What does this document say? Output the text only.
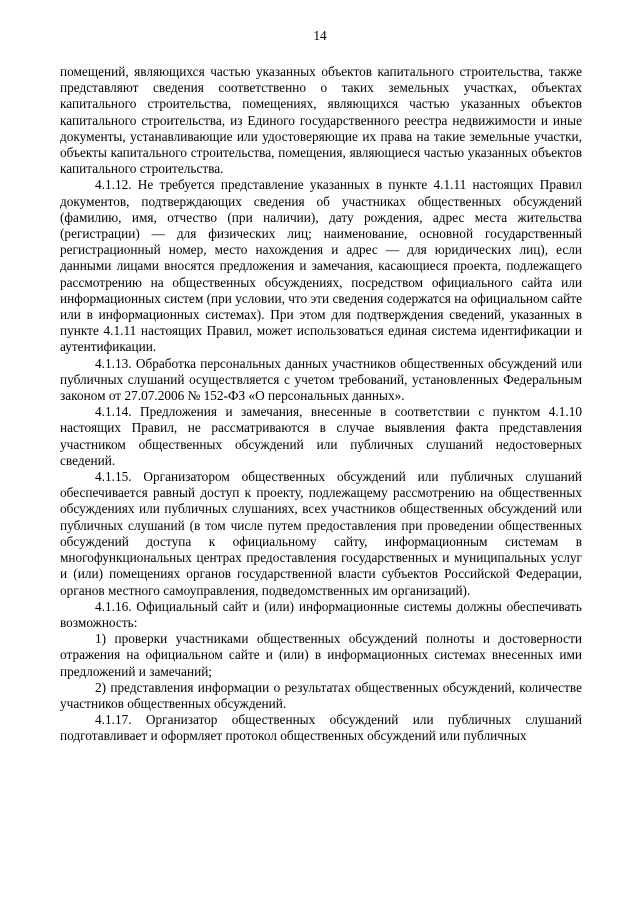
14

помещений, являющихся частью указанных объектов капитального строительства, также представляют сведения соответственно о таких земельных участках, объектах капитального строительства, помещениях, являющихся частью указанных объектов капитального строительства, из Единого государственного реестра недвижимости и иные документы, устанавливающие или удостоверяющие их права на такие земельные участки, объекты капитального строительства, помещения, являющиеся частью указанных объектов капитального строительства.

4.1.12. Не требуется представление указанных в пункте 4.1.11 настоящих Правил документов, подтверждающих сведения об участниках общественных обсуждений (фамилию, имя, отчество (при наличии), дату рождения, адрес места жительства (регистрации) — для физических лиц; наименование, основной государственный регистрационный номер, место нахождения и адрес — для юридических лиц), если данными лицами вносятся предложения и замечания, касающиеся проекта, подлежащего рассмотрению на общественных обсуждениях, посредством официального сайта или информационных систем (при условии, что эти сведения содержатся на официальном сайте или в информационных системах). При этом для подтверждения сведений, указанных в пункте 4.1.11 настоящих Правил, может использоваться единая система идентификации и аутентификации.

4.1.13. Обработка персональных данных участников общественных обсуждений или публичных слушаний осуществляется с учетом требований, установленных Федеральным законом от 27.07.2006 № 152-ФЗ «О персональных данных».

4.1.14. Предложения и замечания, внесенные в соответствии с пунктом 4.1.10 настоящих Правил, не рассматриваются в случае выявления факта представления участником общественных обсуждений или публичных слушаний недостоверных сведений.

4.1.15. Организатором общественных обсуждений или публичных слушаний обеспечивается равный доступ к проекту, подлежащему рассмотрению на общественных обсуждениях или публичных слушаниях, всех участников общественных обсуждений или публичных слушаний (в том числе путем предоставления при проведении общественных обсуждений доступа к официальному сайту, информационным системам в многофункциональных центрах предоставления государственных и муниципальных услуг и (или) помещениях органов государственной власти субъектов Российской Федерации, органов местного самоуправления, подведомственных им организаций).

4.1.16. Официальный сайт и (или) информационные системы должны обеспечивать возможность:

1) проверки участниками общественных обсуждений полноты и достоверности отражения на официальном сайте и (или) в информационных системах внесенных ими предложений и замечаний;

2) представления информации о результатах общественных обсуждений, количестве участников общественных обсуждений.

4.1.17. Организатор общественных обсуждений или публичных слушаний подготавливает и оформляет протокол общественных обсуждений или публичных
